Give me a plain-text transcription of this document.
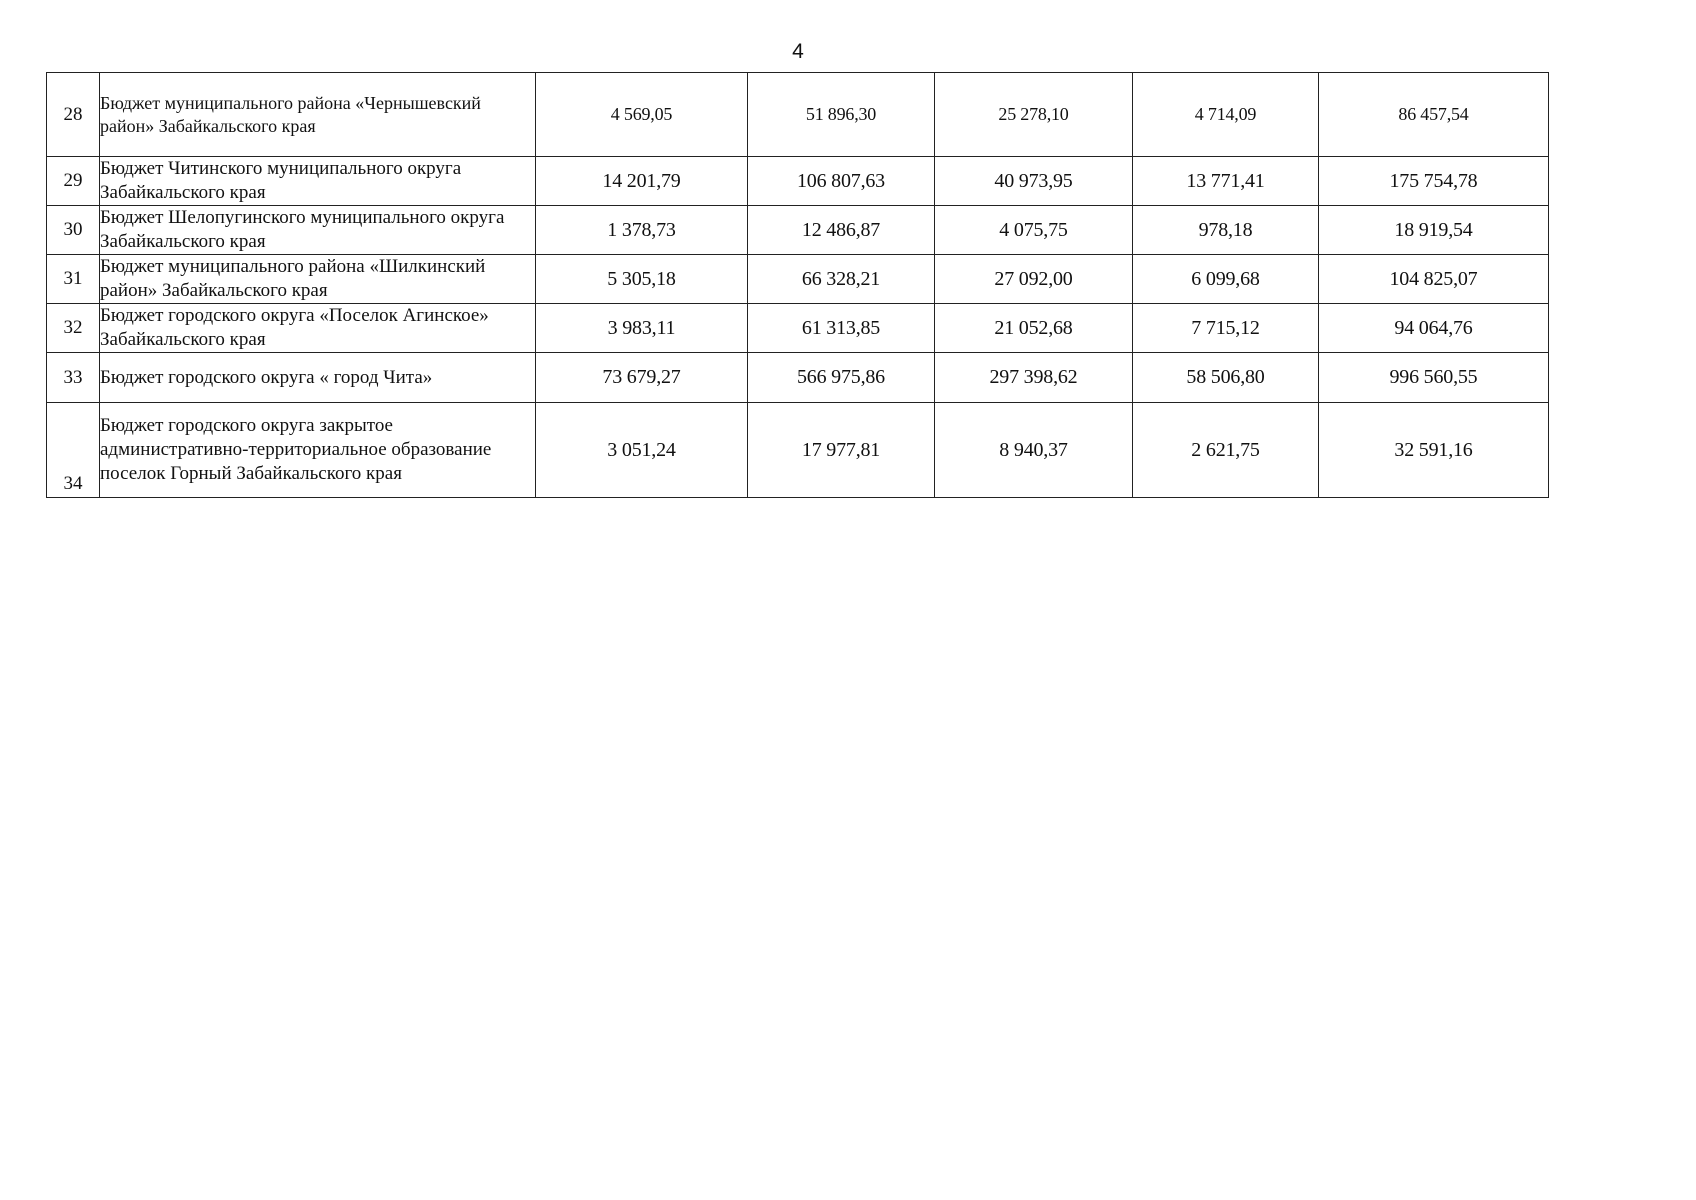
4
28	Бюджет муниципального района «Чернышевский район» Забайкальского края	4 569,05	51 896,30	25 278,10	4 714,09	86 457,54
29	Бюджет Читинского муниципального округа Забайкальского края	14 201,79	106 807,63	40 973,95	13 771,41	175 754,78
30	Бюджет Шелопугинского муниципального округа Забайкальского края	1 378,73	12 486,87	4 075,75	978,18	18 919,54
31	Бюджет муниципального района «Шилкинский район» Забайкальского края	5 305,18	66 328,21	27 092,00	6 099,68	104 825,07
32	Бюджет городского округа «Поселок Агинское» Забайкальского края	3 983,11	61 313,85	21 052,68	7 715,12	94 064,76
33	Бюджет городского округа « город Чита»	73 679,27	566 975,86	297 398,62	58 506,80	996 560,55
34	Бюджет городского округа закрытое административно-территориальное образование поселок Горный Забайкальского края	3 051,24	17 977,81	8 940,37	2 621,75	32 591,16
